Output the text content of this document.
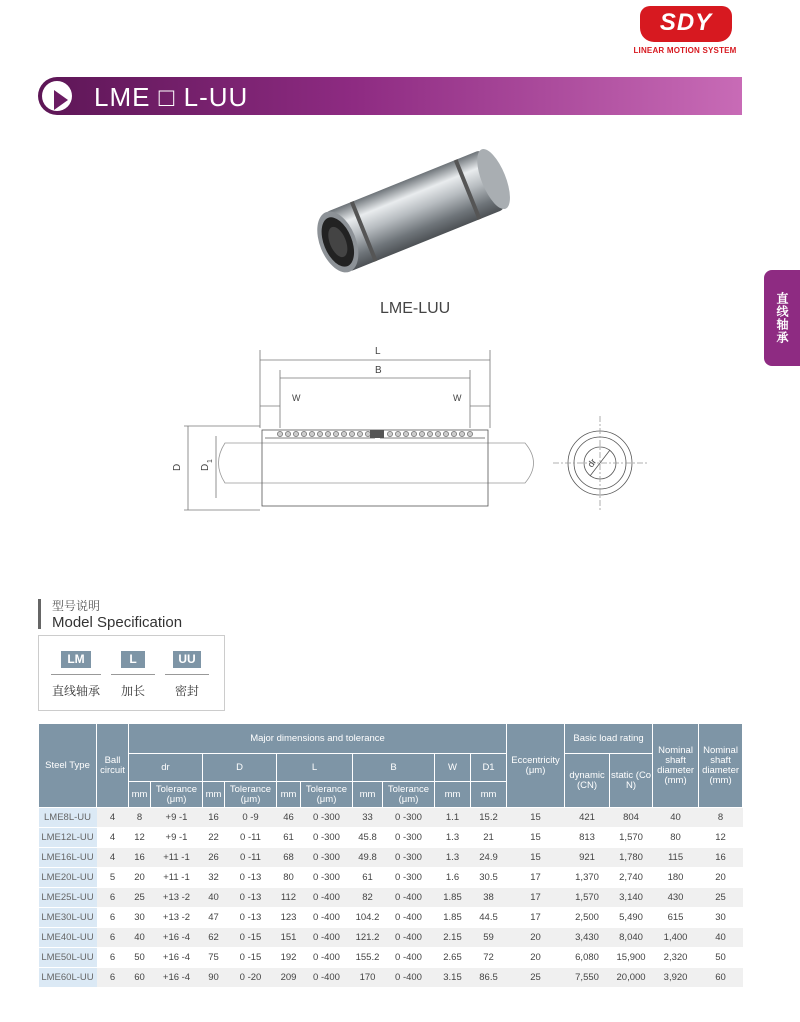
SDY
LINEAR MOTION SYSTEM
LME □ L-UU
直线轴承
LME-LUU
L
B
W	W
D D
1	dr
型号说明
Model Specification
LM	L	UU
直线轴承	加长	密封
Steel Type	Ball circuit	Major dimensions and tolerance										Eccentricity (μm)	Basic load rating		Nominal shaft diameter (mm)	Nominal shaft diameter (mm)
		dr		D		L		B		W	D1		dynamic (CN)	static (Co N)		
		mm	Tolerance (μm)	mm	Tolerance (μm)	mm	Tolerance (μm)	mm	Tolerance (μm)	mm	mm					
LME8L-UU	4	8	+9 -1	16	0 -9	46	0 -300	33	0 -300	1.1	15.2	15	421	804	40	8
LME12L-UU	4	12	+9 -1	22	0 -11	61	0 -300	45.8	0 -300	1.3	21	15	813	1,570	80	12
LME16L-UU	4	16	+11 -1	26	0 -11	68	0 -300	49.8	0 -300	1.3	24.9	15	921	1,780	115	16
LME20L-UU	5	20	+11 -1	32	0 -13	80	0 -300	61	0 -300	1.6	30.5	17	1,370	2,740	180	20
LME25L-UU	6	25	+13 -2	40	0 -13	112	0 -400	82	0 -400	1.85	38	17	1,570	3,140	430	25
LME30L-UU	6	30	+13 -2	47	0 -13	123	0 -400	104.2	0 -400	1.85	44.5	17	2,500	5,490	615	30
LME40L-UU	6	40	+16 -4	62	0 -15	151	0 -400	121.2	0 -400	2.15	59	20	3,430	8,040	1,400	40
LME50L-UU	6	50	+16 -4	75	0 -15	192	0 -400	155.2	0 -400	2.65	72	20	6,080	15,900	2,320	50
LME60L-UU	6	60	+16 -4	90	0 -20	209	0 -400	170	0 -400	3.15	86.5	25	7,550	20,000	3,920	60
